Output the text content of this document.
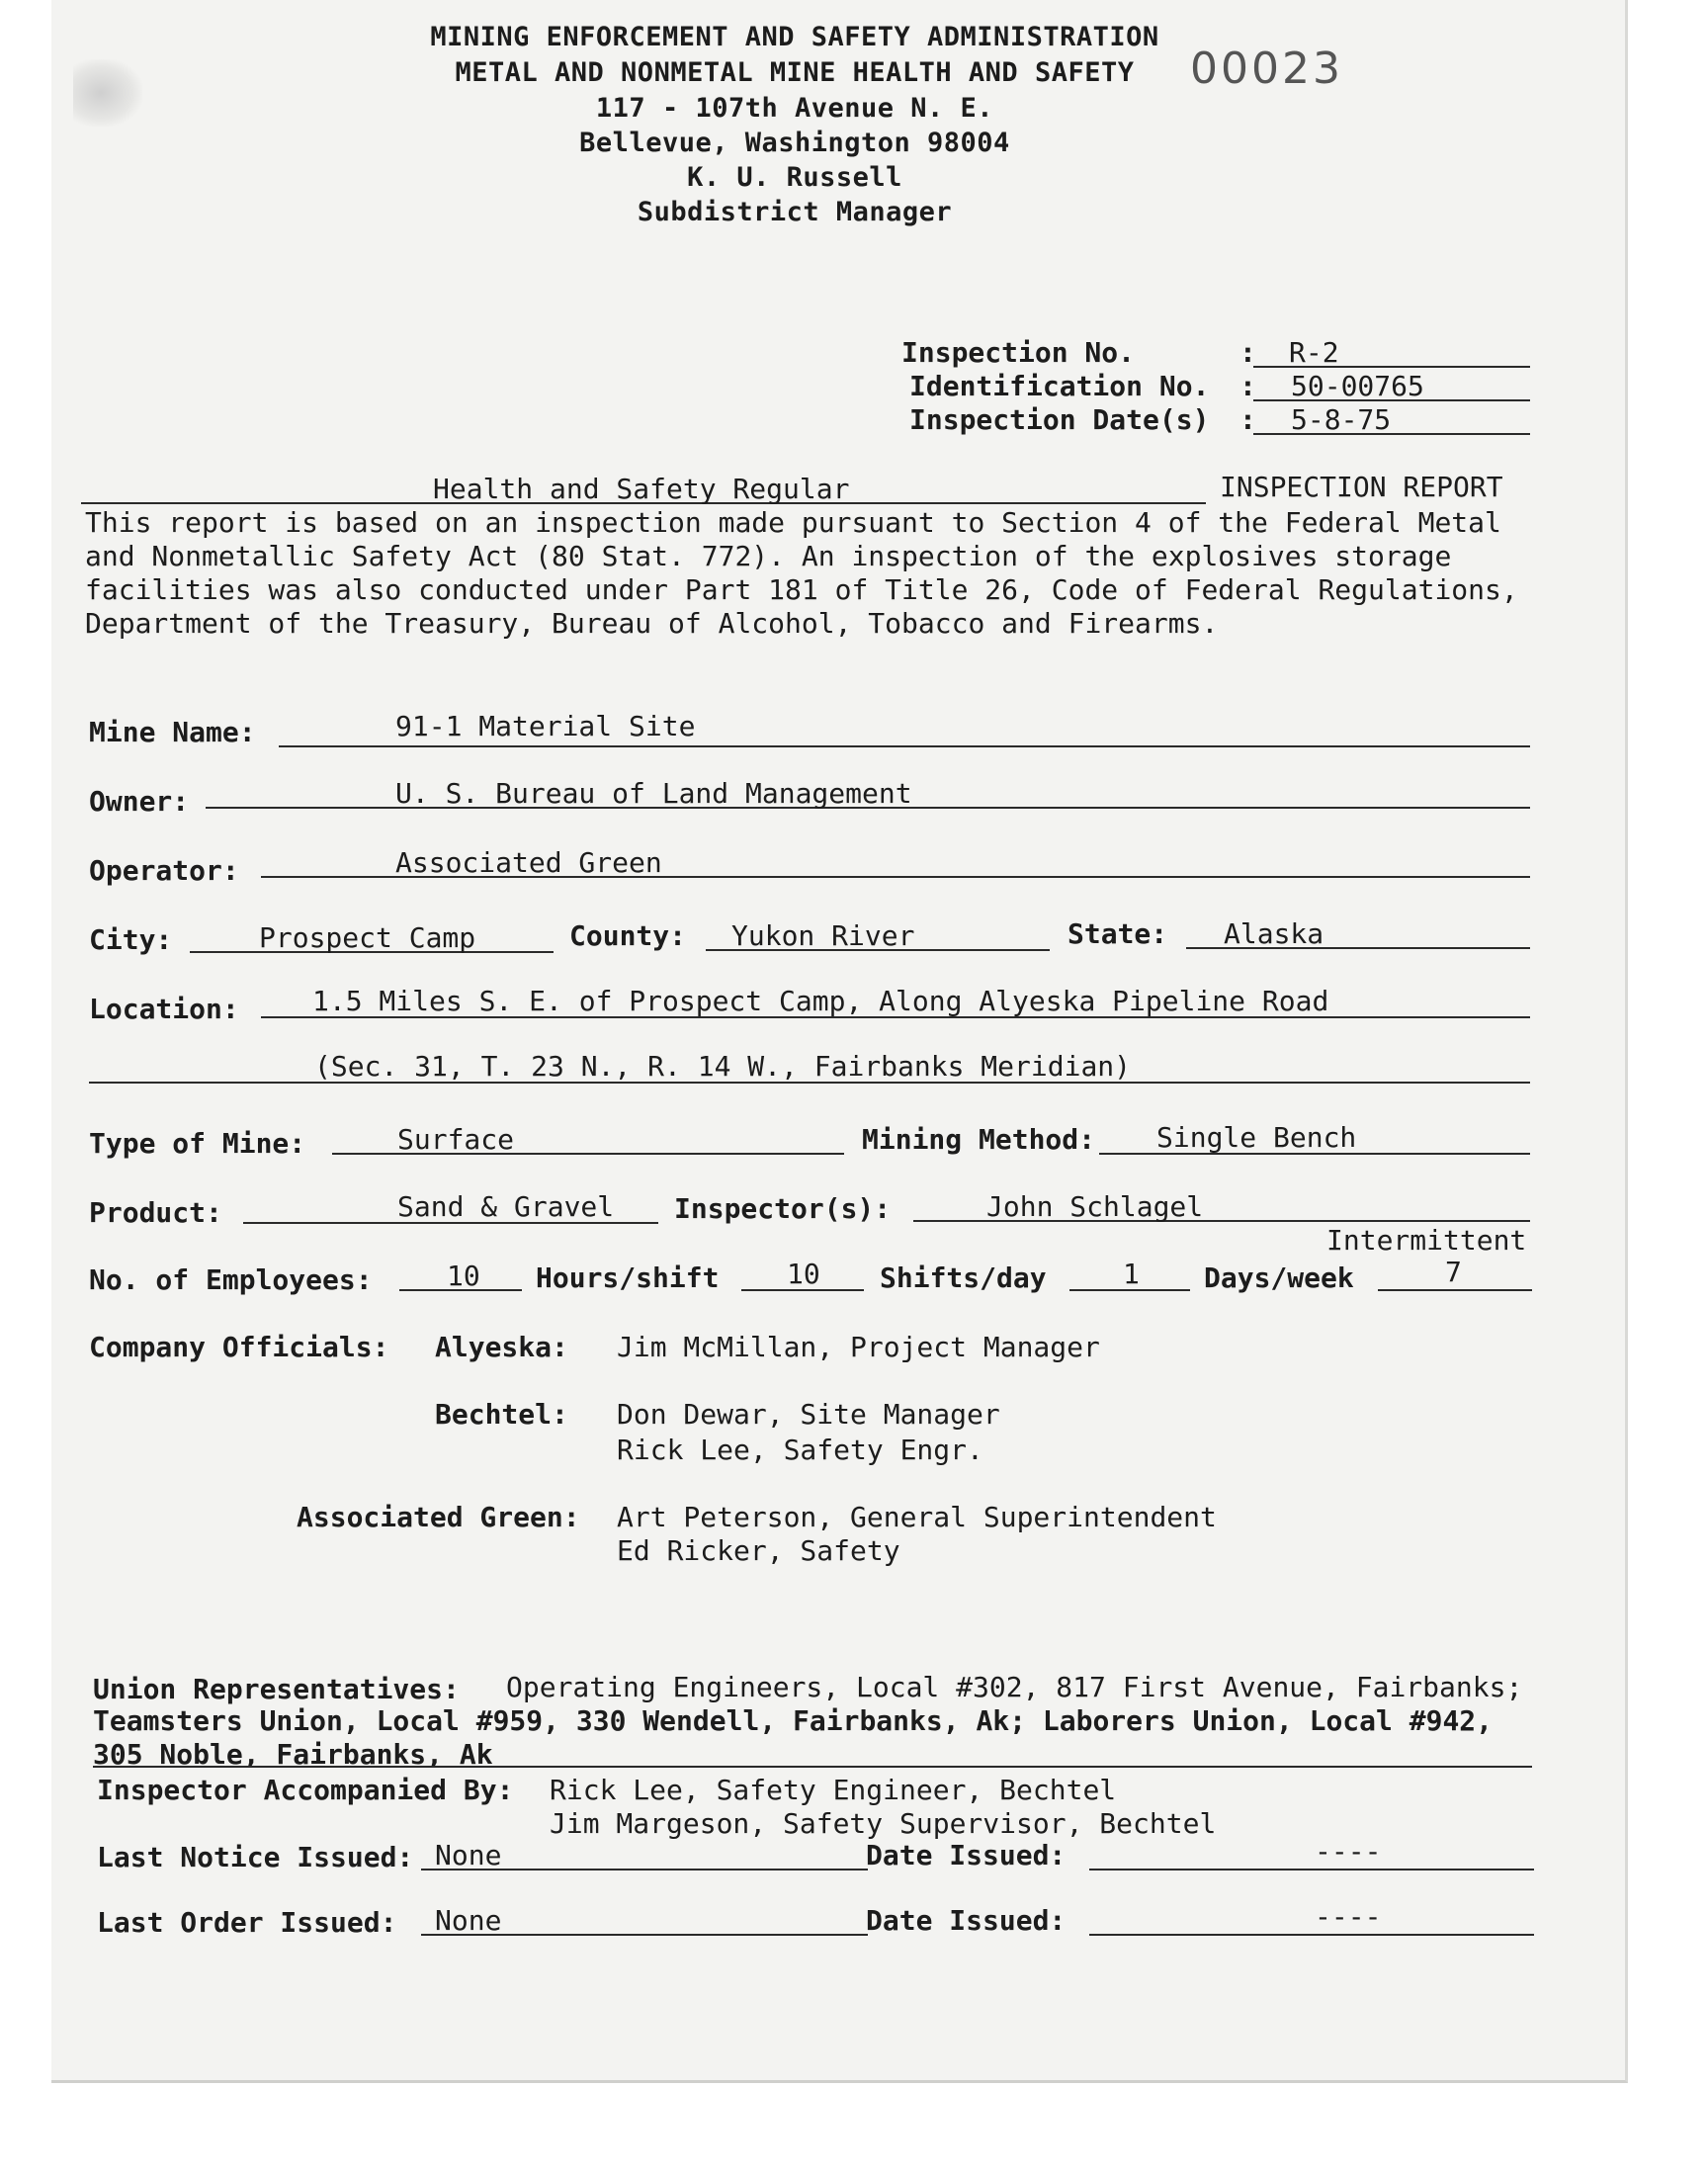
MINING ENFORCEMENT AND SAFETY ADMINISTRATION
METAL AND NONMETAL MINE HEALTH AND SAFETY
117 - 107th Avenue N. E.
Bellevue, Washington 98004
K. U. Russell
Subdistrict Manager
00023
Inspection No.	: R-2
Identification No. : 50-00765
Inspection Date(s) : 5-8-75
Health and Safety Regular	INSPECTION REPORT
This report is based on an inspection made pursuant to Section 4 of the Federal Metal
and Nonmetallic Safety Act (80 Stat. 772). An inspection of the explosives storage
facilities was also conducted under Part 181 of Title 26, Code of Federal Regulations,
Department of the Treasury, Bureau of Alcohol, Tobacco and Firearms.
Mine Name:	91-1 Material Site
Owner:	U. S. Bureau of Land Management
Operator:	Associated Green
City:	Prospect Camp	County: Yukon River	State: Alaska
Location:	1.5 Miles S. E. of Prospect Camp, Along Alyeska Pipeline Road
(Sec. 31, T. 23 N., R. 14 W., Fairbanks Meridian)
Type of Mine:	Surface	Mining Method: Single Bench
Product:	Sand & Gravel Inspector(s):	John Schlagel
Intermittent
No. of Employees:	10 Hours/shift 10 Shifts/day	1 Days/week	7
Company Officials: Alyeska: Jim McMillan, Project Manager
Bechtel: Don Dewar, Site Manager
Rick Lee, Safety Engr.
Associated Green: Art Peterson, General Superintendent
Ed Ricker, Safety
Union Representatives: Operating Engineers, Local #302, 817 First Avenue, Fairbanks;
Teamsters Union, Local #959, 330 Wendell, Fairbanks, Ak; Laborers Union, Local #942,
305 Noble, Fairbanks, Ak
Inspector Accompanied By: Rick Lee, Safety Engineer, Bechtel
Jim Margeson, Safety Supervisor, Bechtel
Last Notice Issued: None	Date Issued:	----
Last Order Issued: None	Date Issued:	----
